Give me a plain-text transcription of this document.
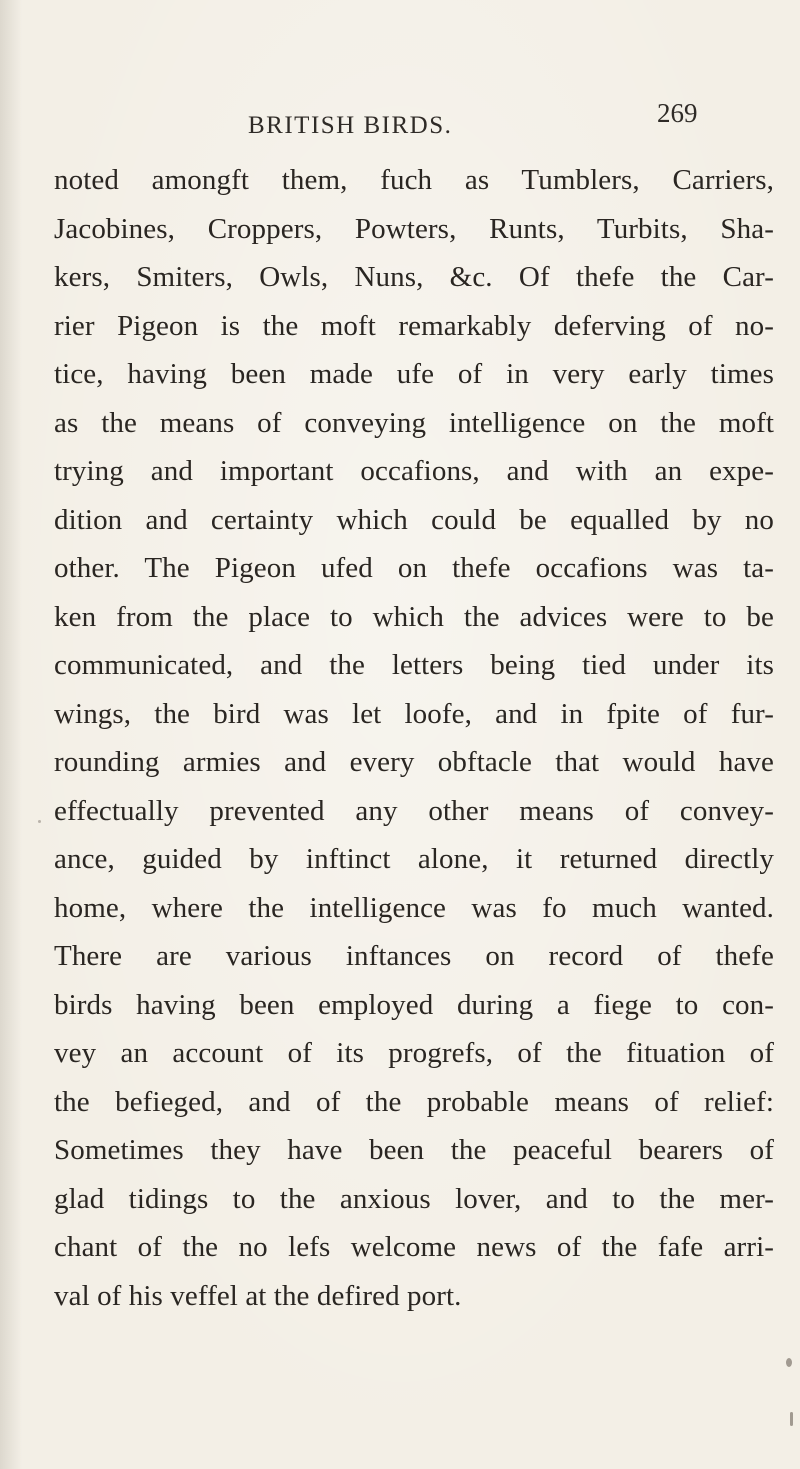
BRITISH BIRDS.	269
noted amongft them, fuch as Tumblers, Carriers,
Jacobines, Croppers, Powters, Runts, Turbits, Sha-
kers, Smiters, Owls, Nuns, &c. Of thefe the Car-
rier Pigeon is the moft remarkably deferving of no-
tice, having been made ufe of in very early times
as the means of conveying intelligence on the moft
trying and important occafions, and with an expe-
dition and certainty which could be equalled by no
other. The Pigeon ufed on thefe occafions was ta-
ken from the place to which the advices were to be
communicated, and the letters being tied under its
wings, the bird was let loofe, and in fpite of fur-
rounding armies and every obftacle that would have
effectually prevented any other means of convey-
ance, guided by inftinct alone, it returned directly
home, where the intelligence was fo much wanted.
There are various inftances on record of thefe
birds having been employed during a fiege to con-
vey an account of its progrefs, of the fituation of
the befieged, and of the probable means of relief:
Sometimes they have been the peaceful bearers of
glad tidings to the anxious lover, and to the mer-
chant of the no lefs welcome news of the fafe arri-
val of his veffel at the defired port.
